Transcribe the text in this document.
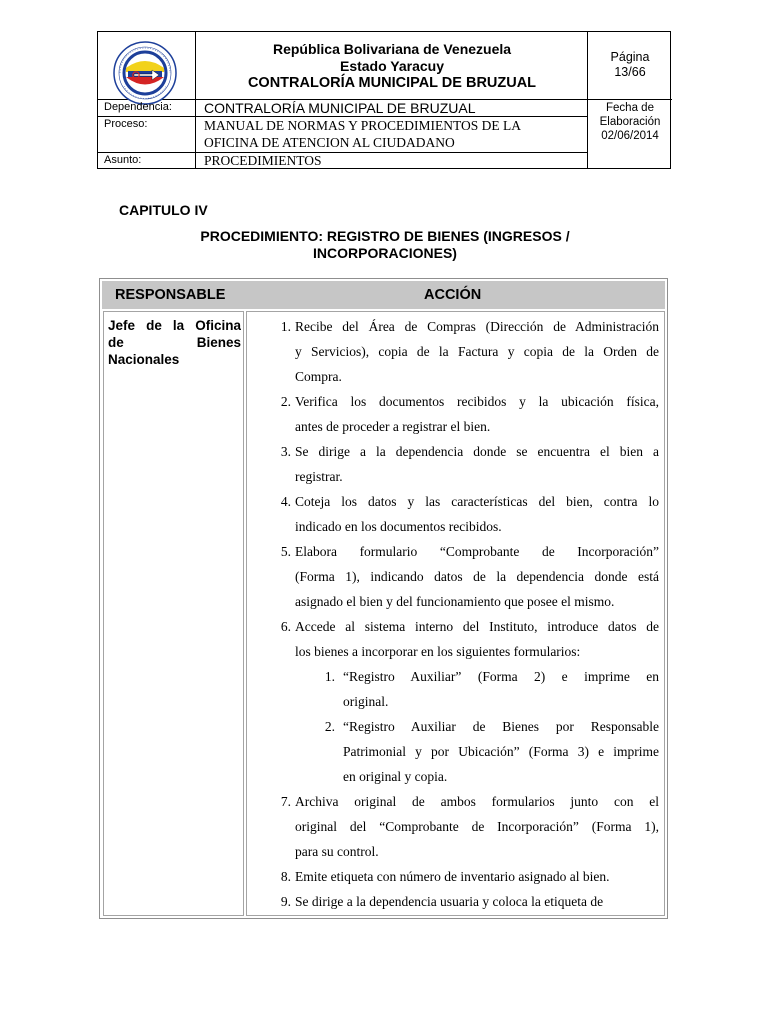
República Bolivariana de Venezuela
Estado Yaracuy
CONTRALORÍA MUNICIPAL DE BRUZUAL
Página
13/66
Dependencia: CONTRALORÍA MUNICIPAL DE BRUZUAL
Proceso:	MANUAL DE NORMAS Y PROCEDIMIENTOS DE LA
OFICINA DE ATENCION AL CIUDADANO
Asunto:	PROCEDIMIENTOS
Fecha de
Elaboración
02/06/2014
CAPITULO IV
PROCEDIMIENTO: REGISTRO DE BIENES (INGRESOS /
INCORPORACIONES)
RESPONSABLE	ACCIÓN
Jefe de la Oficina
de Bienes
Nacionales
1. Recibe del Área de Compras (Dirección de Administración
y Servicios), copia de la Factura y copia de la Orden de
Compra.
2. Verifica los documentos recibidos y la ubicación física,
antes de proceder a registrar el bien.
3. Se dirige a la dependencia donde se encuentra el bien a
registrar.
4. Coteja los datos y las características del bien, contra lo
indicado en los documentos recibidos.
5. Elabora formulario “Comprobante de Incorporación”
(Forma 1), indicando datos de la dependencia donde está
asignado el bien y del funcionamiento que posee el mismo.
6. Accede al sistema interno del Instituto, introduce datos de
los bienes a incorporar en los siguientes formularios:
1. “Registro Auxiliar” (Forma 2) e imprime en
original.
2. “Registro Auxiliar de Bienes por Responsable
Patrimonial y por Ubicación” (Forma 3) e imprime
en original y copia.
7. Archiva original de ambos formularios junto con el
original del “Comprobante de Incorporación” (Forma 1),
para su control.
8. Emite etiqueta con número de inventario asignado al bien.
9. Se dirige a la dependencia usuaria y coloca la etiqueta de
